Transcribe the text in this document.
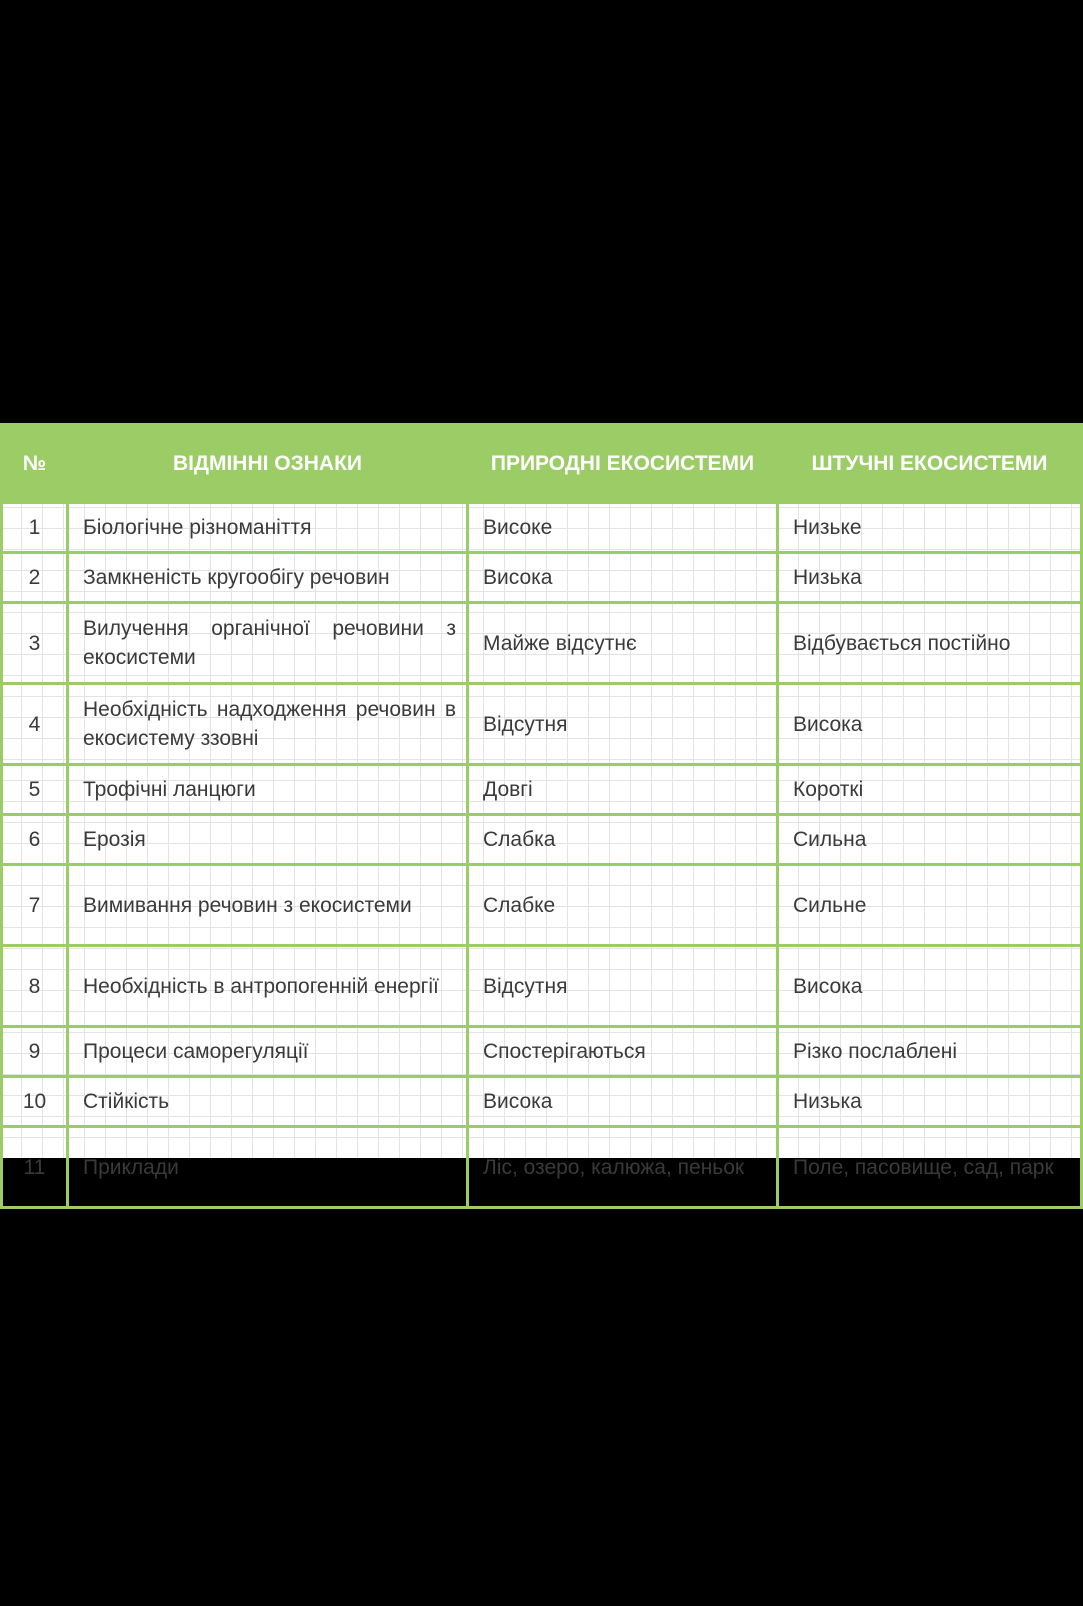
№	ВІДМІННІ ОЗНАКИ	ПРИРОДНІ ЕКОСИСТЕМИ	ШТУЧНІ ЕКОСИСТЕМИ
1	Біологічне різноманіття	Високе	Низьке
2	Замкненість кругообігу речовин	Висока	Низька
3	Вилучення органічної речовини з екосистеми	Майже відсутнє	Відбувається постійно
4	Необхідність надходження речовин в екосистему ззовні	Відсутня	Висока
5	Трофічні ланцюги	Довгі	Короткі
6	Ерозія	Слабка	Сильна
7	Вимивання речовин з екосистеми	Слабке	Сильне
8	Необхідність в антропогенній енергії	Відсутня	Висока
9	Процеси саморегуляції	Спостерігаються	Різко послаблені
10	Стійкість	Висока	Низька
11	Приклади	Ліс, озеро, калюжа, пеньок	Поле, пасовище, сад, парк
